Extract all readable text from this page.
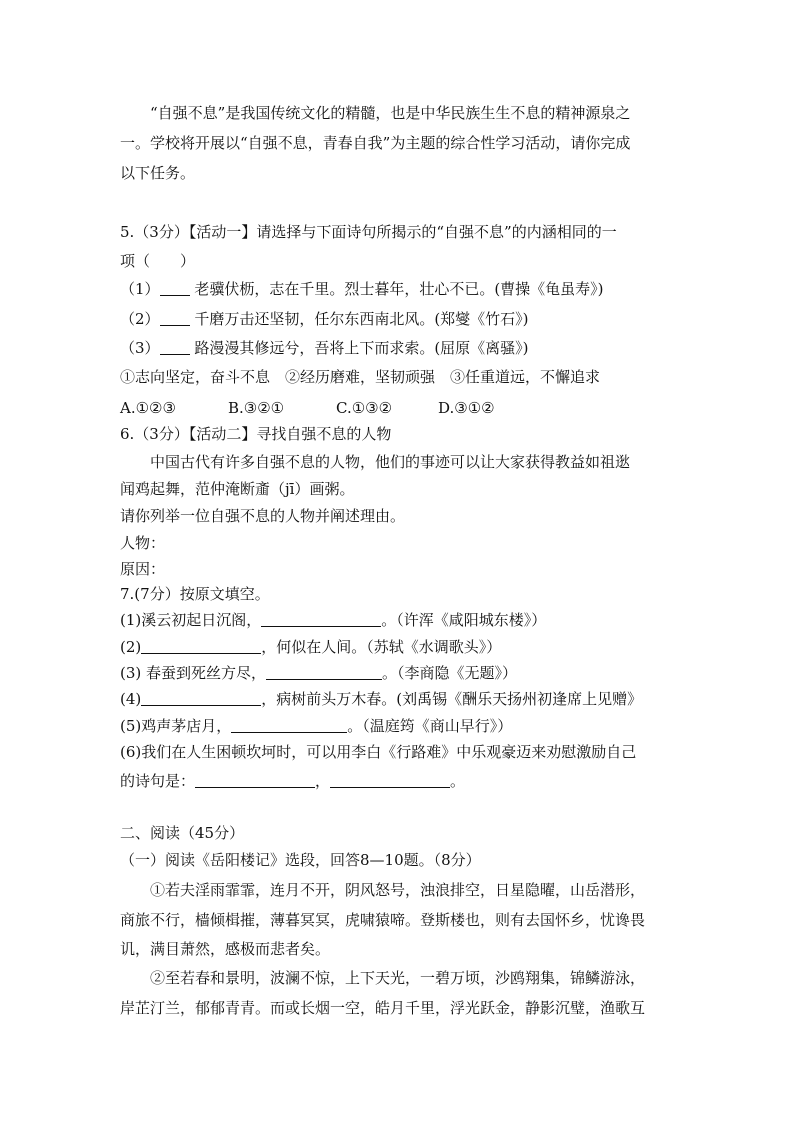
“自强不息”是我国传统文化的精髓，也是中华民族生生不息的精神源泉之
一。学校将开展以“自强不息，青春自我”为主题的综合性学习活动，请你完成
以下任务。
5.（3分）【活动一】请选择与下面诗句所揭示的“自强不息”的内涵相同的一
项（　　）
（1） 老骥伏枥，志在千里。烈士暮年，壮心不已。(曹操《龟虽寿》)
（2） 千磨万击还坚韧，任尔东西南北风。(郑燮《竹石》)
（3） 路漫漫其修远兮，吾将上下而求索。(屈原《离骚》)
①志向坚定，奋斗不息　②经历磨难，坚韧顽强　③任重道远，不懈追求
A.①②③	B.③②①	C.①③②	D.③①②
6.（3分）【活动二】寻找自强不息的人物
中国古代有许多自强不息的人物，他们的事迹可以让大家获得教益如祖逖
闻鸡起舞，范仲淹断齑（jī）画粥。
请你列举一位自强不息的人物并阐述理由。
人物：
原因：
7.(7分）按原文填空。
(1)溪云初起日沉阁，	。（许浑《咸阳城东楼》）
(2)	，何似在人间。（苏轼《水调歌头》）
(3) 春蚕到死丝方尽，	。（李商隐《无题》）
(4)	，病树前头万木春。(刘禹锡《酬乐天扬州初逢席上见赠》
(5)鸡声茅店月，	。（温庭筠《商山早行》）
(6)我们在人生困顿坎坷时，可以用李白《行路难》中乐观豪迈来劝慰激励自己
的诗句是：	，	。
二、阅读（45分）
（一）阅读《岳阳楼记》选段，回答8—10题。（8分）
①若夫淫雨霏霏，连月不开，阴风怒号，浊浪排空，日星隐曜，山岳潜形，
商旅不行，樯倾楫摧，薄暮冥冥，虎啸猿啼。登斯楼也，则有去国怀乡，忧谗畏
讥，满目萧然，感极而悲者矣。
②至若春和景明，波澜不惊，上下天光，一碧万顷，沙鸥翔集，锦鳞游泳，
岸芷汀兰，郁郁青青。而或长烟一空，皓月千里，浮光跃金，静影沉璧，渔歌互
